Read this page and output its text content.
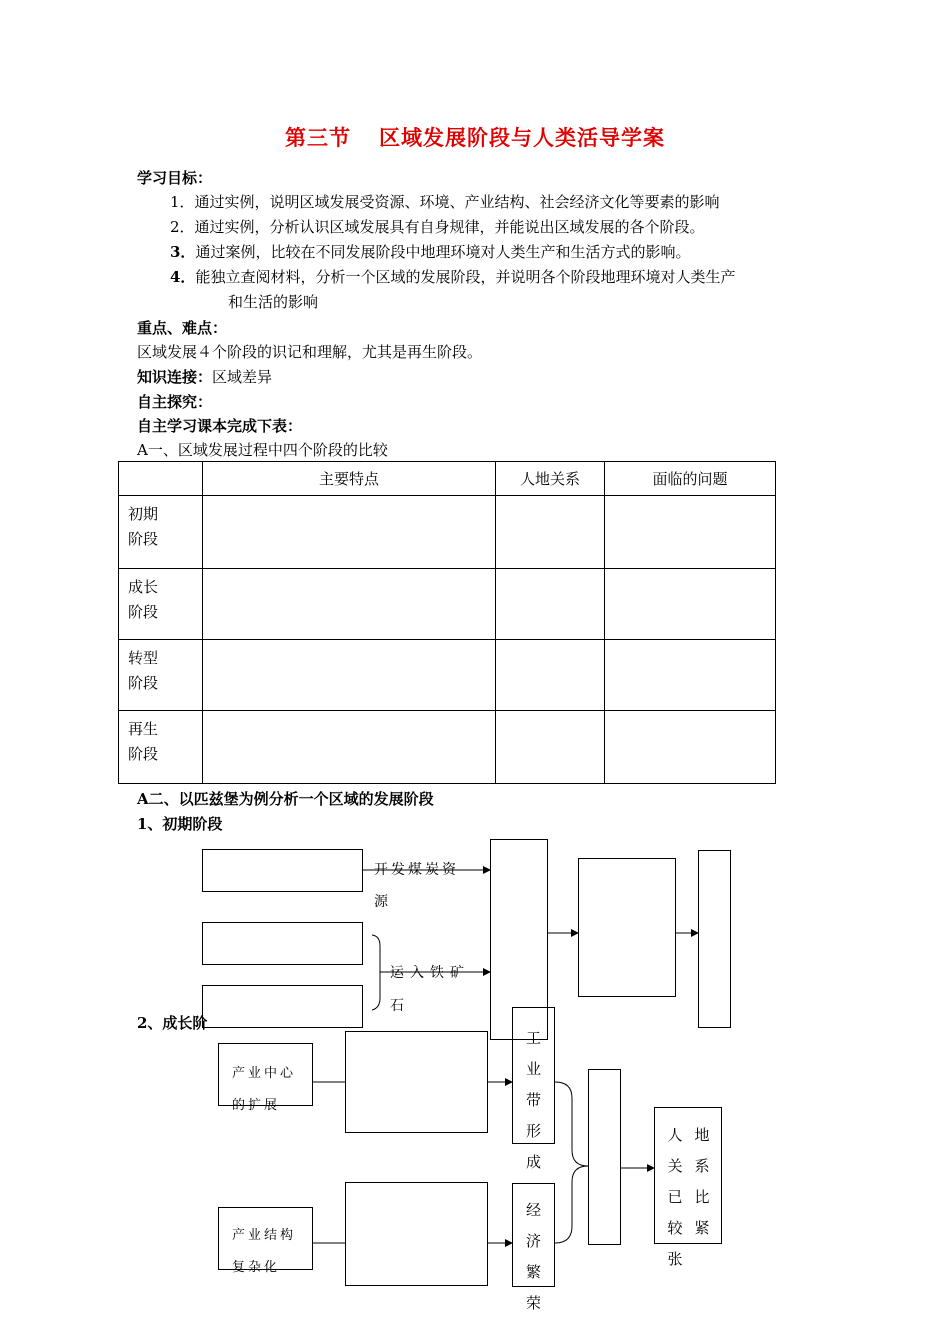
第三节 区域发展阶段与人类活导学案
学习目标：
1．通过实例，说明区域发展受资源、环境、产业结构、社会经济文化等要素的影响
2．通过实例，分析认识区域发展具有自身规律，并能说出区域发展的各个阶段。
3．通过案例，比较在不同发展阶段中地理环境对人类生产和生活方式的影响。
4．能独立查阅材料，分析一个区域的发展阶段，并说明各个阶段地理环境对人类生产
和生活的影响
重点、难点：
区域发展４个阶段的识记和理解，尤其是再生阶段。
知识连接：区域差异
自主探究：
自主学习课本完成下表：
A一、区域发展过程中四个阶段的比较
	主要特点	人地关系	面临的问题
初期
阶段			
成长
阶段			
转型
阶段			
再生
阶段			
A二、以匹兹堡为例分析一个区域的发展阶段
1、初期阶段
2、成长阶
开发煤炭资
源
运入铁矿
石
产业中心
的扩展
工
业
带
形
成
产业结构
复杂化
经
济
繁
荣
人
关
已
较
张
地
系
比
紧
